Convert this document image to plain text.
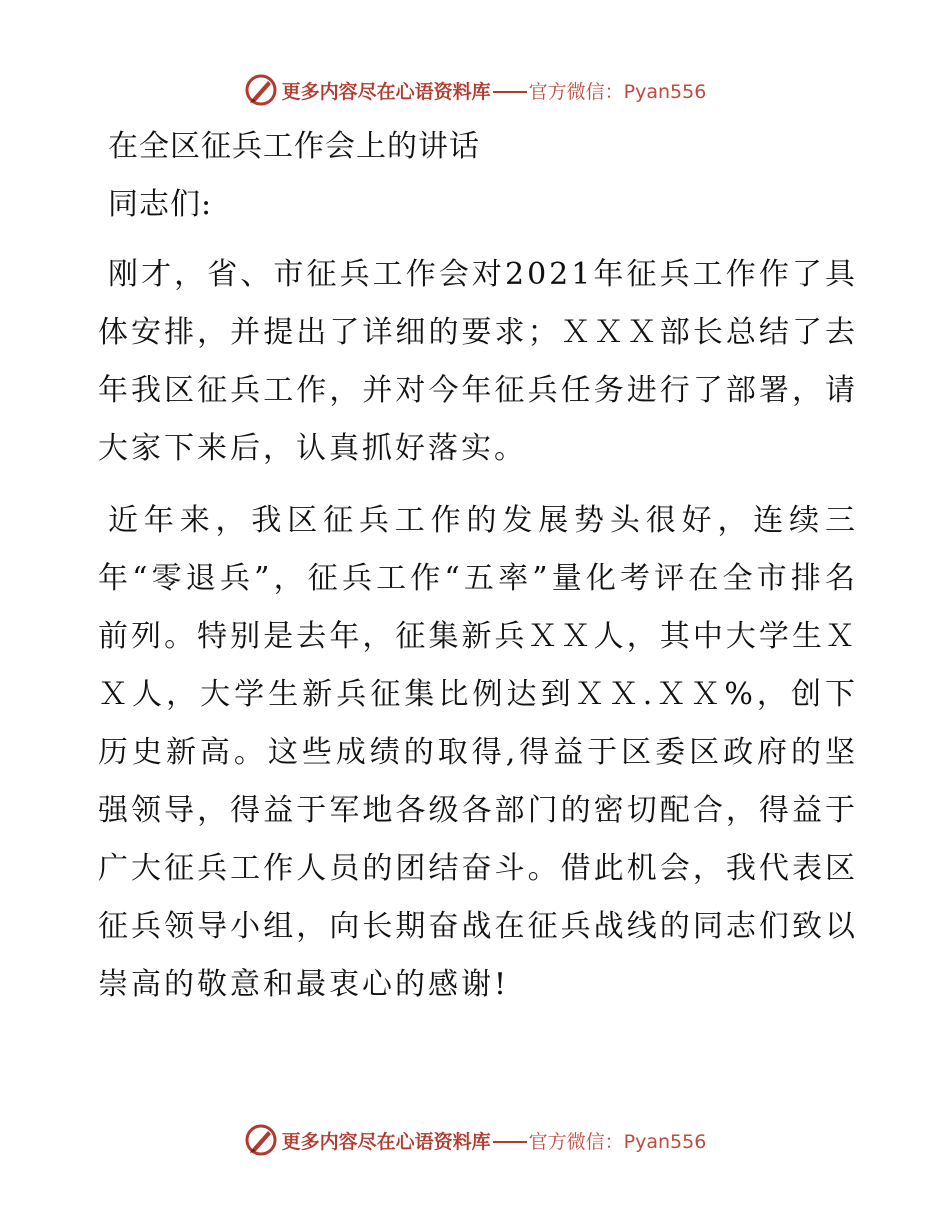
更多内容尽在心语资料库 官方微信：Pyan556
在全区征兵工作会上的讲话

同志们:

刚才，省、市征兵工作会对2021年征兵工作作了具体安排，并提出了详细的要求；ＸＸＸ部长总结了去年我区征兵工作，并对今年征兵任务进行了部署，请大家下来后，认真抓好落实。

近年来，我区征兵工作的发展势头很好，连续三年“零退兵”，征兵工作“五率”量化考评在全市排名前列。特别是去年，征集新兵ＸＸ人，其中大学生ＸＸ人，大学生新兵征集比例达到ＸＸ.ＸＸ%，创下历史新高。这些成绩的取得,得益于区委区政府的坚强领导，得益于军地各级各部门的密切配合，得益于广大征兵工作人员的团结奋斗。借此机会，我代表区征兵领导小组，向长期奋战在征兵战线的同志们致以崇高的敬意和最衷心的感谢!

更多内容尽在心语资料库 官方微信：Pyan556
